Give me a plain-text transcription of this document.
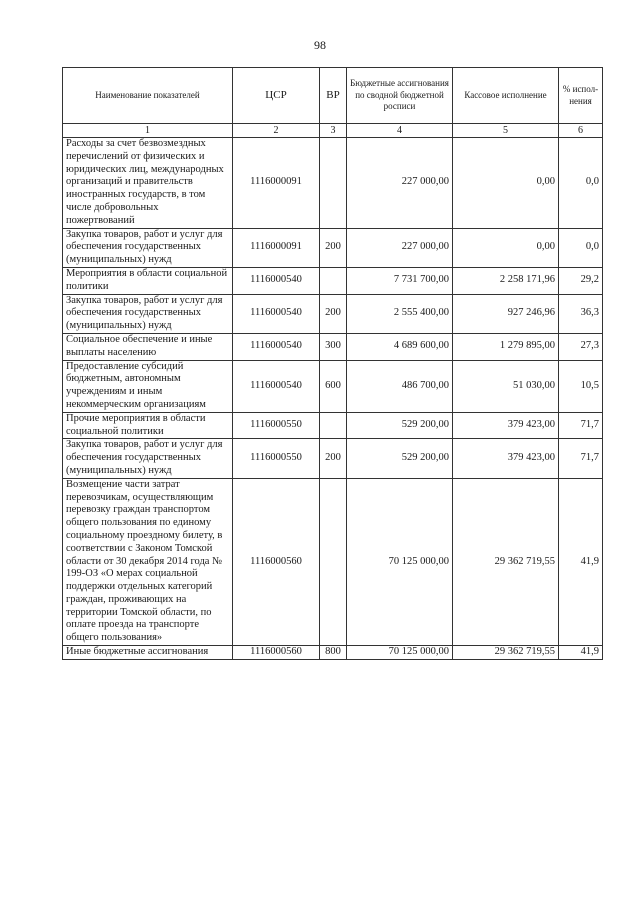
98
Наименование показателей	ЦСР	ВР	Бюджетные ассигнования по сводной бюджетной росписи	Кассовое исполнение	% испол-нения
1	2	3	4	5	6
Расходы за счет безвозмездных перечислений от физических и юридических лиц, международных организаций и правительств иностранных государств, в том числе добровольных пожертвований	1116000091		227 000,00	0,00	0,0
Закупка товаров, работ и услуг для обеспечения государственных (муниципальных) нужд	1116000091	200	227 000,00	0,00	0,0
Мероприятия в области социальной политики	1116000540		7 731 700,00	2 258 171,96	29,2
Закупка товаров, работ и услуг для обеспечения государственных (муниципальных) нужд	1116000540	200	2 555 400,00	927 246,96	36,3
Социальное обеспечение и иные выплаты населению	1116000540	300	4 689 600,00	1 279 895,00	27,3
Предоставление субсидий бюджетным, автономным учреждениям и иным некоммерческим организациям	1116000540	600	486 700,00	51 030,00	10,5
Прочие мероприятия в области социальной политики	1116000550		529 200,00	379 423,00	71,7
Закупка товаров, работ и услуг для обеспечения государственных (муниципальных) нужд	1116000550	200	529 200,00	379 423,00	71,7
Возмещение части затрат перевозчикам, осуществляющим перевозку граждан транспортом общего пользования по единому социальному проездному билету, в соответствии с Законом Томской области от 30 декабря 2014 года № 199-ОЗ «О мерах социальной поддержки отдельных категорий граждан, проживающих на территории Томской области, по оплате проезда на транспорте общего пользования»	1116000560		70 125 000,00	29 362 719,55	41,9
Иные бюджетные ассигнования	1116000560	800	70 125 000,00	29 362 719,55	41,9
